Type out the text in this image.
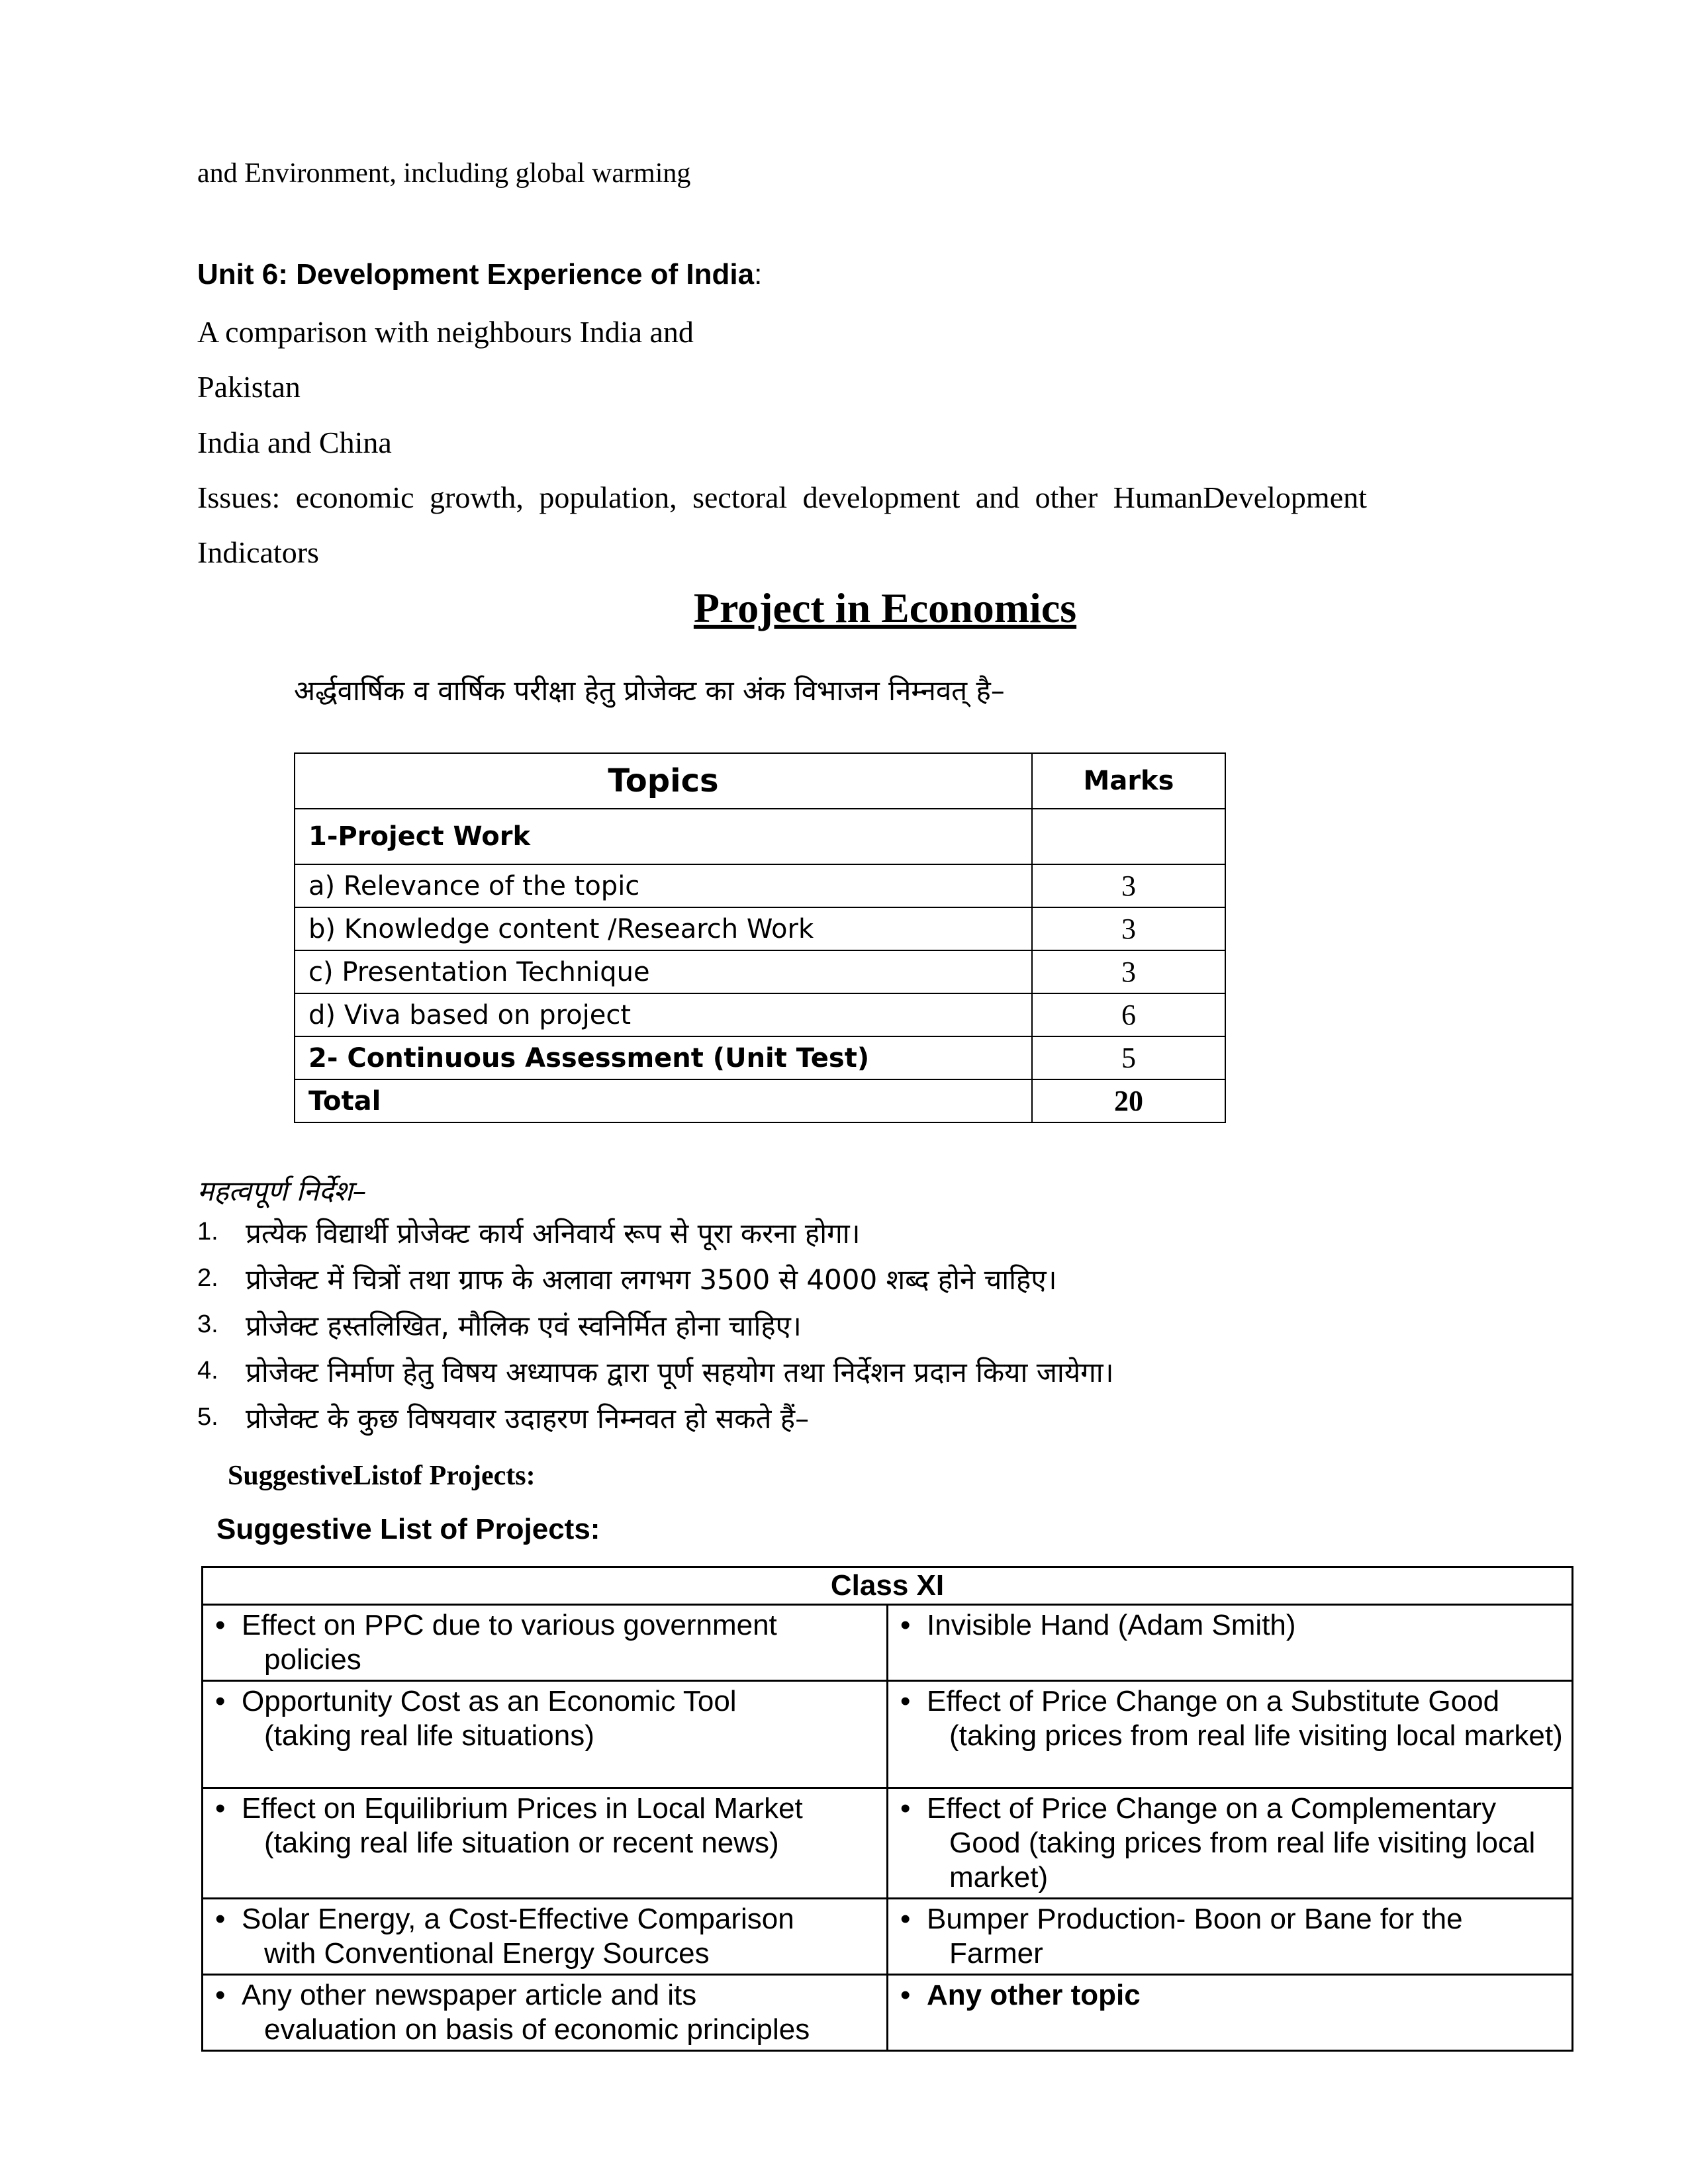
and Environment, including global warming
Unit 6: Development Experience of India:
A comparison with neighbours India and
Pakistan
India and China
Issues: economic growth, population, sectoral development and other HumanDevelopment
Indicators
Project in Economics
अर्द्धवार्षिक व वार्षिक परीक्षा हेतु प्रोजेक्ट का अंक विभाजन निम्नवत् है–
Topics	Marks
1-Project Work	
a) Relevance of the topic	3
b) Knowledge content /Research Work	3
c) Presentation Technique	3
d) Viva based on project	6
2- Continuous Assessment (Unit Test)	5
Total	20
महत्वपूर्ण निर्देश–
1. प्रत्येक विद्यार्थी प्रोजेक्ट कार्य अनिवार्य रूप से पूरा करना होगा।
2. प्रोजेक्ट में चित्रों तथा ग्राफ के अलावा लगभग 3500 से 4000 शब्द होने चाहिए।
3. प्रोजेक्ट हस्तलिखित, मौलिक एवं स्वनिर्मित होना चाहिए।
4. प्रोजेक्ट निर्माण हेतु विषय अध्यापक द्वारा पूर्ण सहयोग तथा निर्देशन प्रदान किया जायेगा।
5. प्रोजेक्ट के कुछ विषयवार उदाहरण निम्नवत हो सकते हैं–
SuggestiveListof Projects:
Suggestive List of Projects:
Class XI	

• Effect on PPC due to various government
policies	• Invisible Hand (Adam Smith)

• Opportunity Cost as an Economic Tool
(taking real life situations)	• Effect of Price Change on a Substitute Good
(taking prices from real life visiting local market)

• Effect on Equilibrium Prices in Local Market
(taking real life situation or recent news)	• Effect of Price Change on a Complementary
Good (taking prices from real life visiting local market)

• Solar Energy, a Cost-Effective Comparison
with Conventional Energy Sources	• Bumper Production- Boon or Bane for the
Farmer

• Any other newspaper article and its
evaluation on basis of economic principles	• Any other topic
